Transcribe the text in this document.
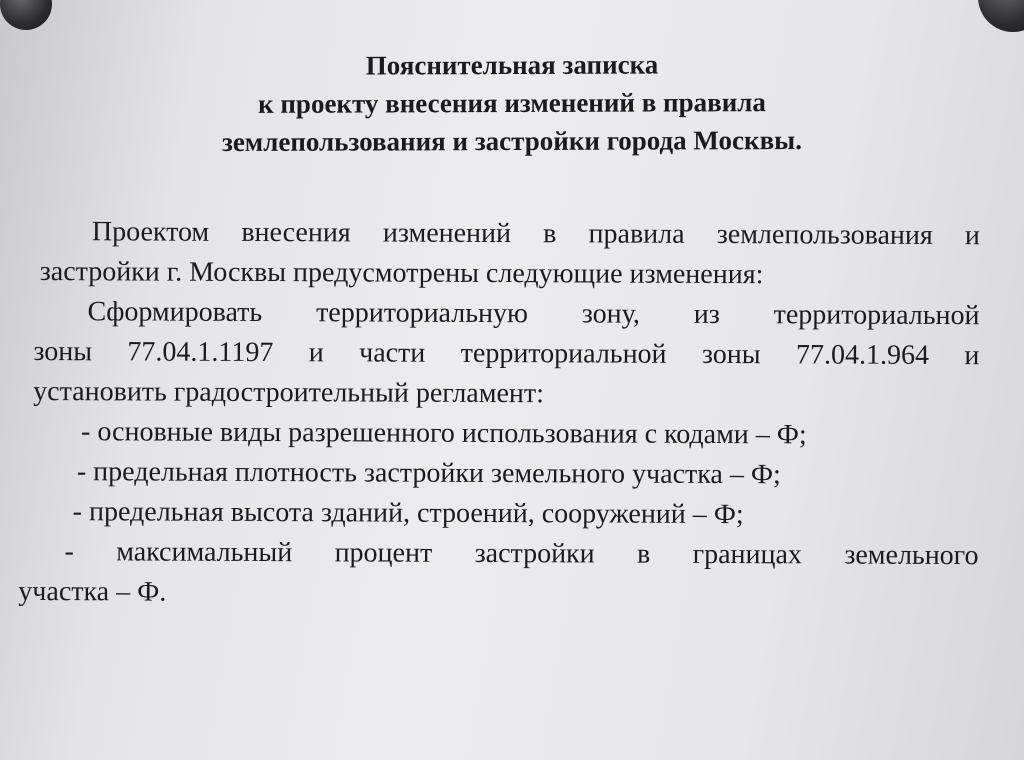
Пояснительная записка
к проекту внесения изменений в правила
землепользования и застройки города Москвы.
Проектом внесения изменений в правила землепользования и
застройки г. Москвы предусмотрены следующие изменения:
Сформировать территориальную зону, из территориальной
зоны 77.04.1.1197 и части территориальной зоны 77.04.1.964 и
установить градостроительный регламент:
- основные виды разрешенного использования с кодами – Ф;
- предельная плотность застройки земельного участка – Ф;
- предельная высота зданий, строений, сооружений – Ф;
- максимальный процент застройки в границах земельного
участка – Ф.
